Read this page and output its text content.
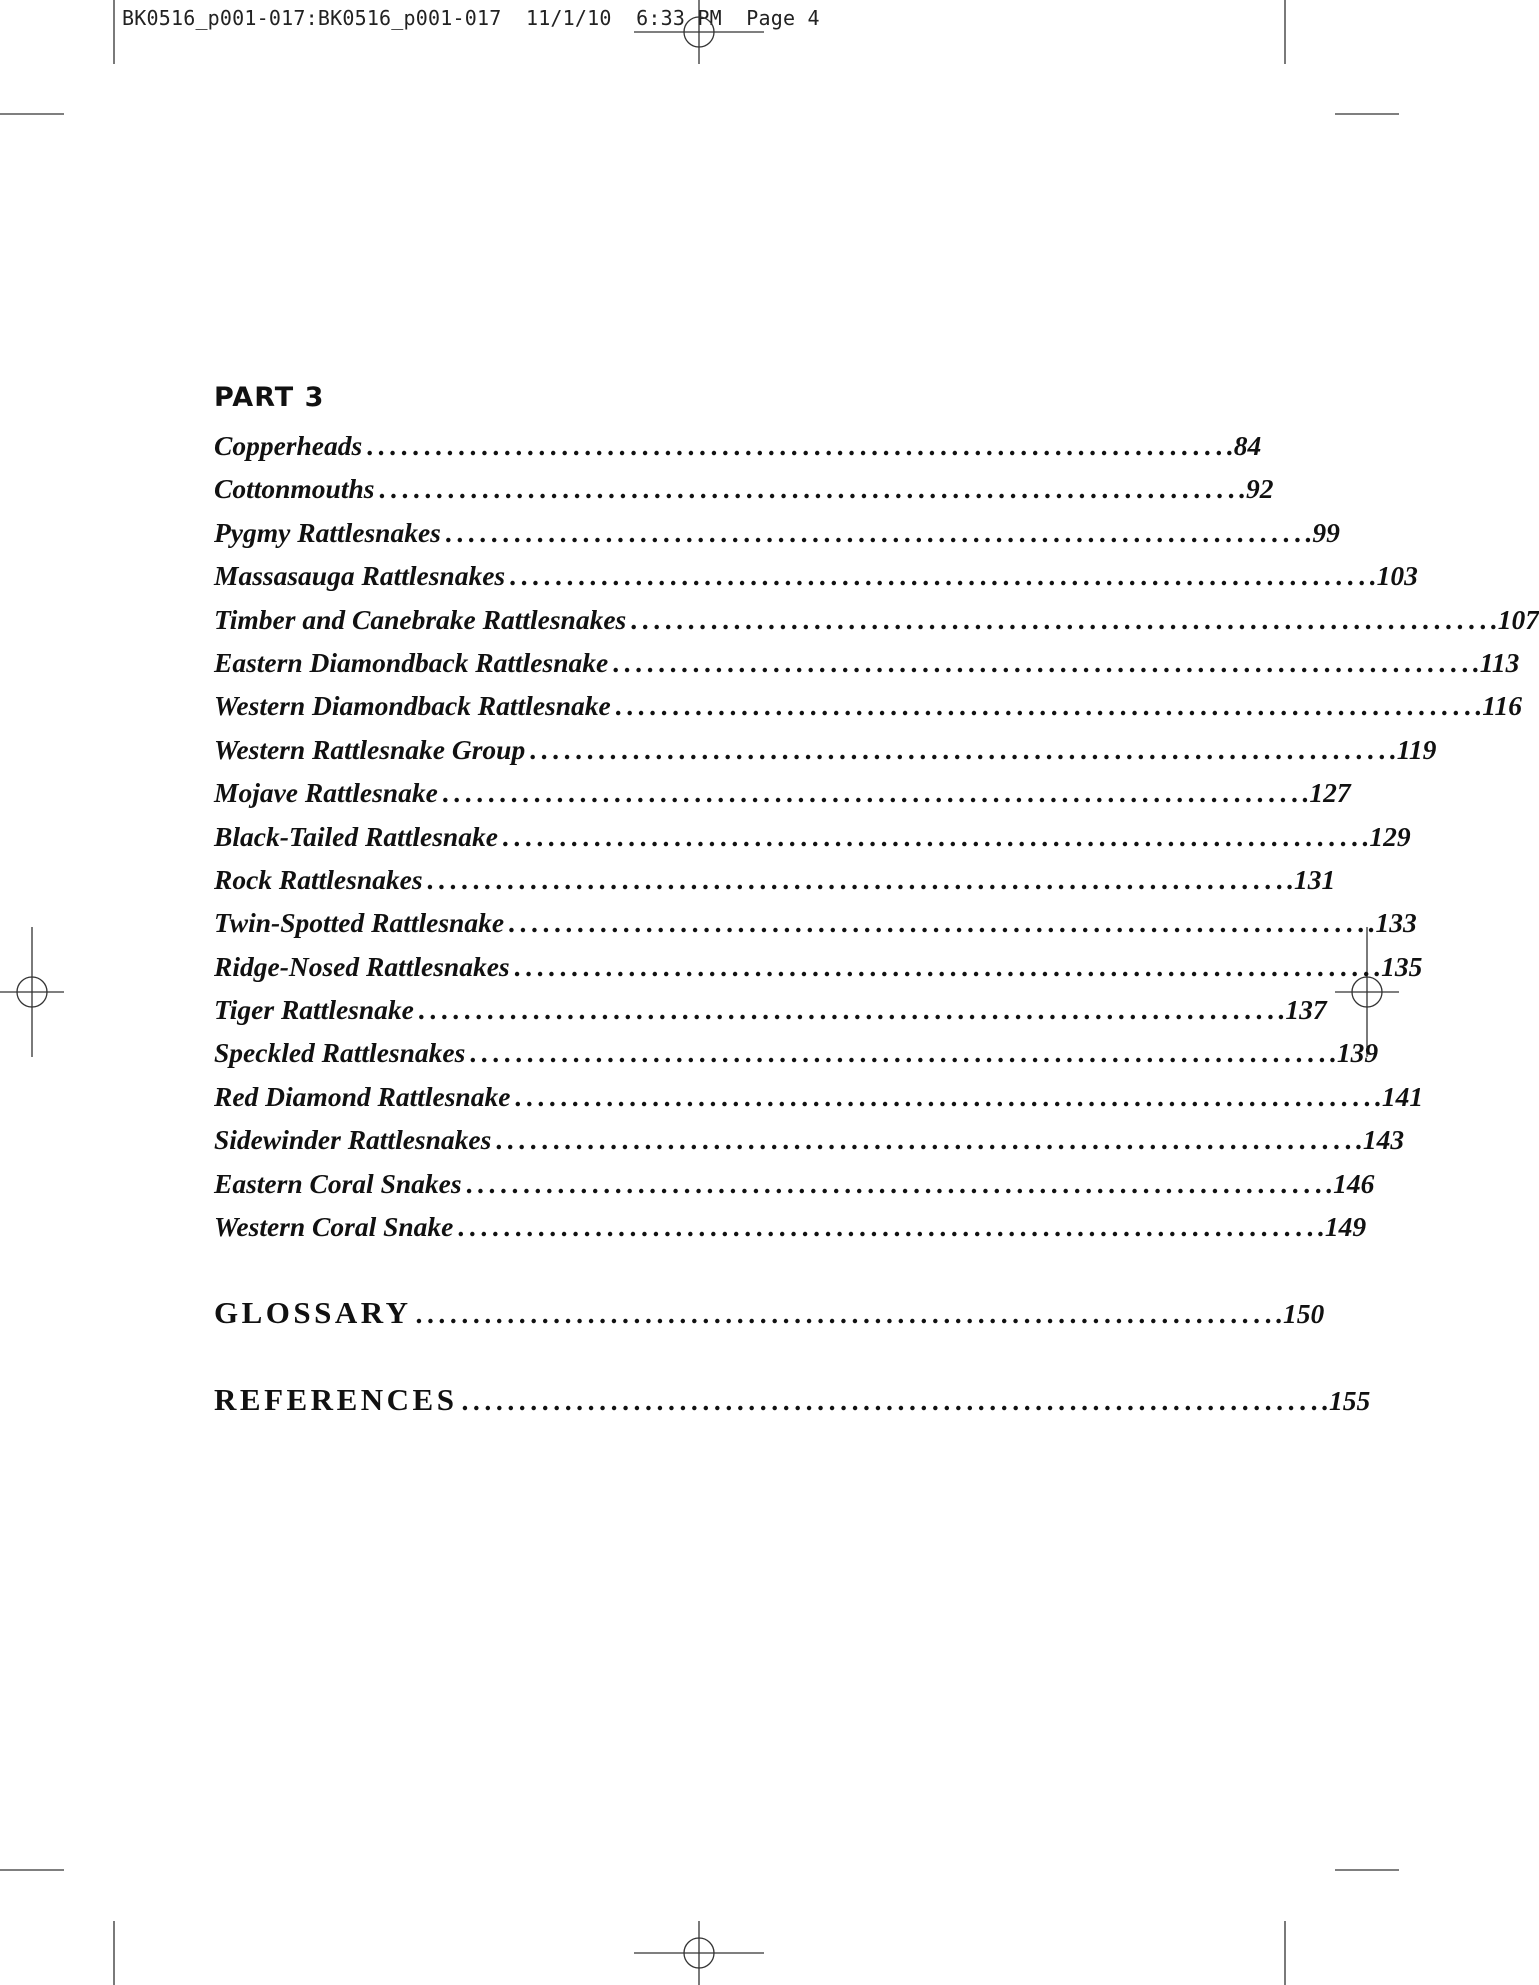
BK0516_p001-017:BK0516_p001-017  11/1/10  6:33 PM  Page 4
PART 3
Copperheads ........................................................................... .84
Cottonmouths ........................................................................... .92
Pygmy Rattlesnakes ........................................................................... .99
Massasauga Rattlesnakes ........................................................................... .103
Timber and Canebrake Rattlesnakes ........................................................................... .107
Eastern Diamondback Rattlesnake ........................................................................... .113
Western Diamondback Rattlesnake ........................................................................... .116
Western Rattlesnake Group ........................................................................... .119
Mojave Rattlesnake ........................................................................... .127
Black-Tailed Rattlesnake ........................................................................... .129
Rock Rattlesnakes ........................................................................... .131
Twin-Spotted Rattlesnake ........................................................................... .133
Ridge-Nosed Rattlesnakes ........................................................................... .135
Tiger Rattlesnake ........................................................................... .137
Speckled Rattlesnakes ........................................................................... .139
Red Diamond Rattlesnake ........................................................................... .141
Sidewinder Rattlesnakes ........................................................................... .143
Eastern Coral Snakes ........................................................................... .146
Western Coral Snake ........................................................................... .149
GLOSSARY ........................................................................... .150
REFERENCES ........................................................................... .155
